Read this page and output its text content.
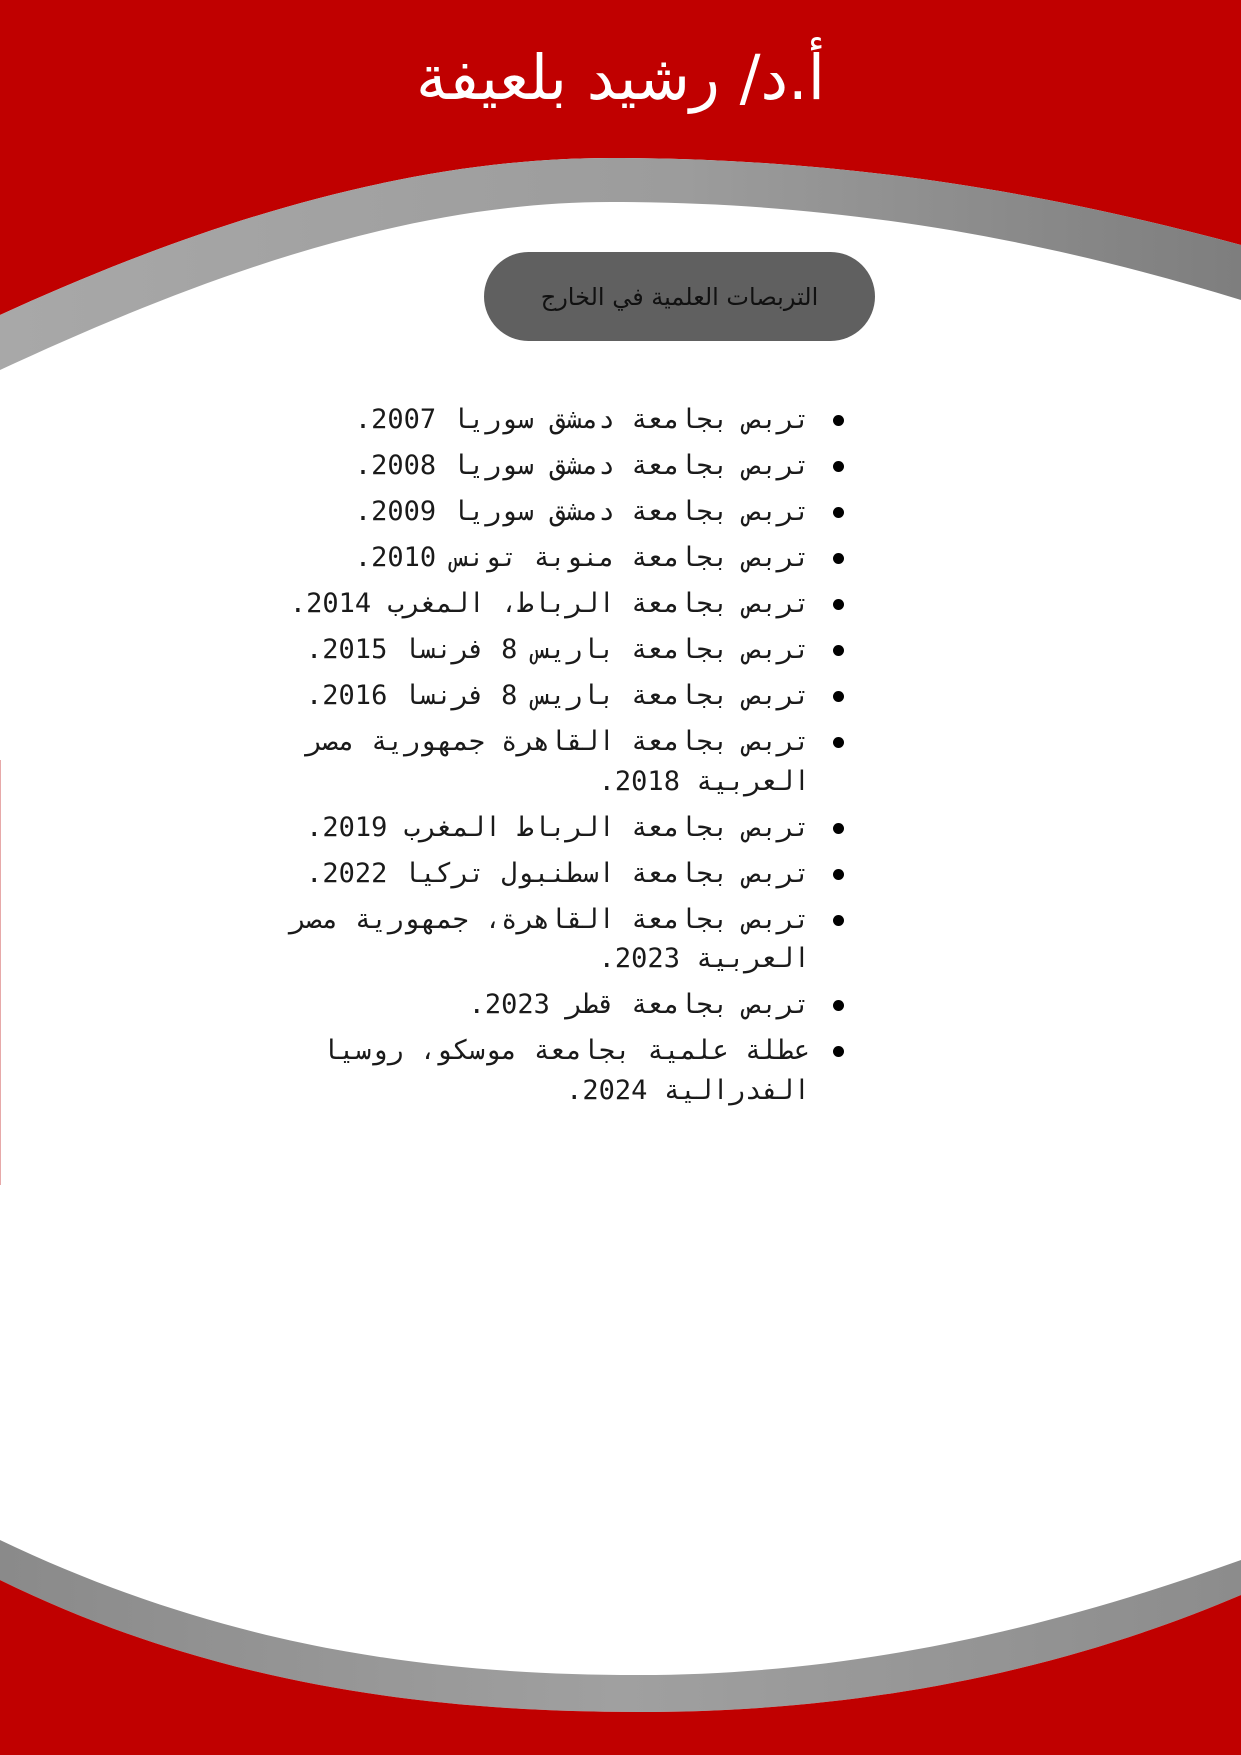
أ.د/ رشيد بلعيفة
التربصات العلمية في الخارج
تربص بجامعة دمشق سوريا 2007.
تربص بجامعة دمشق سوريا 2008.
تربص بجامعة دمشق سوريا 2009.
تربص بجامعة منوبة تونس 2010.
تربص بجامعة الرباط، المغرب 2014.
تربص بجامعة باريس 8 فرنسا 2015.
تربص بجامعة باريس 8 فرنسا 2016.
تربص بجامعة القاهرة جمهورية مصر العربية 2018.
تربص بجامعة الرباط المغرب 2019.
تربص بجامعة اسطنبول تركيا 2022.
تربص بجامعة القاهرة، جمهورية مصر العربية 2023.
تربص بجامعة قطر 2023.
عطلة علمية بجامعة موسكو، روسيا الفدرالية 2024.
